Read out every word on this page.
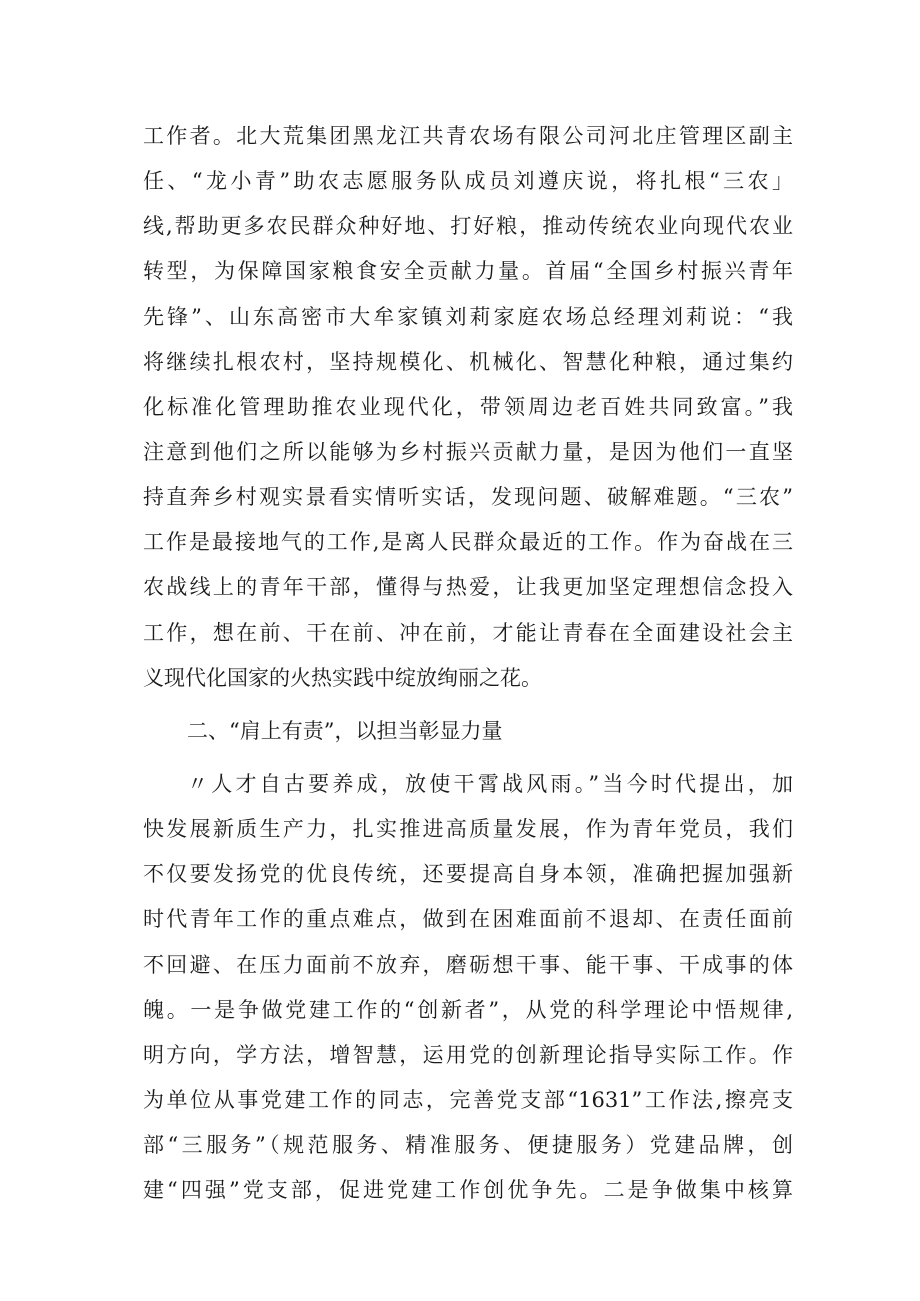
工作者。北大荒集团黑龙江共青农场有限公司河北庄管理区副主
任、“龙小青”助农志愿服务队成员刘遵庆说，将扎根“三农」
线,帮助更多农民群众种好地、打好粮，推动传统农业向现代农业
转型，为保障国家粮食安全贡献力量。首届“全国乡村振兴青年
先锋”、山东高密市大牟家镇刘莉家庭农场总经理刘莉说：“我
将继续扎根农村，坚持规模化、机械化、智慧化种粮，通过集约
化标准化管理助推农业现代化，带领周边老百姓共同致富。”我
注意到他们之所以能够为乡村振兴贡献力量，是因为他们一直坚
持直奔乡村观实景看实情听实话，发现问题、破解难题。“三农”
工作是最接地气的工作,是离人民群众最近的工作。作为奋战在三
农战线上的青年干部，懂得与热爱，让我更加坚定理想信念投入
工作，想在前、干在前、冲在前，才能让青春在全面建设社会主
义现代化国家的火热实践中绽放绚丽之花。
二、“肩上有责”，以担当彰显力量
〃人才自古要养成，放使干霄战风雨。”当今时代提出，加
快发展新质生产力，扎实推进高质量发展，作为青年党员，我们
不仅要发扬党的优良传统，还要提高自身本领，准确把握加强新
时代青年工作的重点难点，做到在困难面前不退却、在责任面前
不回避、在压力面前不放弃，磨砺想干事、能干事、干成事的体
魄。一是争做党建工作的“创新者”，从党的科学理论中悟规律,
明方向，学方法，增智慧，运用党的创新理论指导实际工作。作
为单位从事党建工作的同志，完善党支部“1631”工作法,擦亮支
部“三服务”（规范服务、精准服务、便捷服务）党建品牌，创
建“四强”党支部，促进党建工作创优争先。二是争做集中核算
